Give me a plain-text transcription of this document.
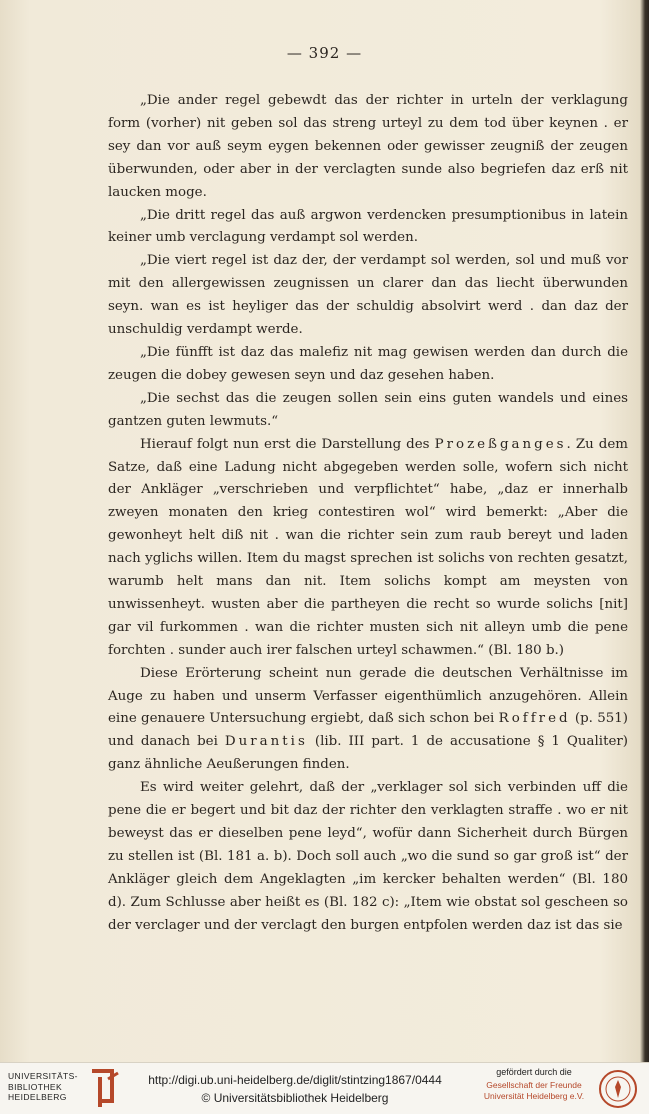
— 392 —

„Die ander regel gebewdt das der richter in urteln der verklagung form (vorher) nit geben sol das streng urteyl zu dem tod über keynen . er sey dan vor auß seym eygen bekennen oder gewisser zeugniß der zeugen überwunden, oder aber in der verclagten sunde also begriefen daz erß nit laucken moge.

„Die dritt regel das auß argwon verdencken presumptionibus in latein keiner umb verclagung verdampt sol werden.

„Die viert regel ist daz der, der verdampt sol werden, sol und muß vor mit den allergewissen zeugnissen un clarer dan das liecht überwunden seyn. wan es ist heyliger das der schuldig absolvirt werd . dan daz der unschuldig verdampt werde.

„Die fünfft ist daz das malefiz nit mag gewisen werden dan durch die zeugen die dobey gewesen seyn und daz gesehen haben.

„Die sechst das die zeugen sollen sein eins guten wandels und eines gantzen guten lewmuts.“

Hierauf folgt nun erst die Darstellung des Prozeßganges. Zu dem Satze, daß eine Ladung nicht abgegeben werden solle, wofern sich nicht der Ankläger „verschrieben und verpflichtet“ habe, „daz er innerhalb zweyen monaten den krieg contestiren wol“ wird bemerkt: „Aber die gewonheyt helt diß nit . wan die richter sein zum raub bereyt und laden nach yglichs willen. Item du magst sprechen ist solichs von rechten gesatzt, warumb helt mans dan nit. Item solichs kompt am meysten von unwissenheyt. wusten aber die partheyen die recht so wurde solichs [nit] gar vil furkommen . wan die richter musten sich nit alleyn umb die pene forchten . sunder auch irer falschen urteyl schawmen.“ (Bl. 180 b.)

Diese Erörterung scheint nun gerade die deutschen Verhältnisse im Auge zu haben und unserm Verfasser eigenthümlich anzugehören. Allein eine genauere Untersuchung ergiebt, daß sich schon bei Roffred (p. 551) und danach bei Durantis (lib. III part. 1 de accusatione § 1 Qualiter) ganz ähnliche Aeußerungen finden.

Es wird weiter gelehrt, daß der „verklager sol sich verbinden uff die pene die er begert und bit daz der richter den verklagten straffe . wo er nit beweyst das er dieselben pene leyd“, wofür dann Sicherheit durch Bürgen zu stellen ist (Bl. 181 a. b). Doch soll auch „wo die sund so gar groß ist“ der Ankläger gleich dem Angeklagten „im kercker behalten werden“ (Bl. 180 d). Zum Schlusse aber heißt es (Bl. 182 c): „Item wie obstat sol gescheen so der verclager und der verclagt den burgen entpfolen werden daz ist das sie

UNIVERSITÄTS-
BIBLIOTHEK
HEIDELBERG
http://digi.ub.uni-heidelberg.de/diglit/stintzing1867/0444
© Universitätsbibliothek Heidelberg
gefördert durch die
Gesellschaft der Freunde
Universität Heidelberg e.V.
